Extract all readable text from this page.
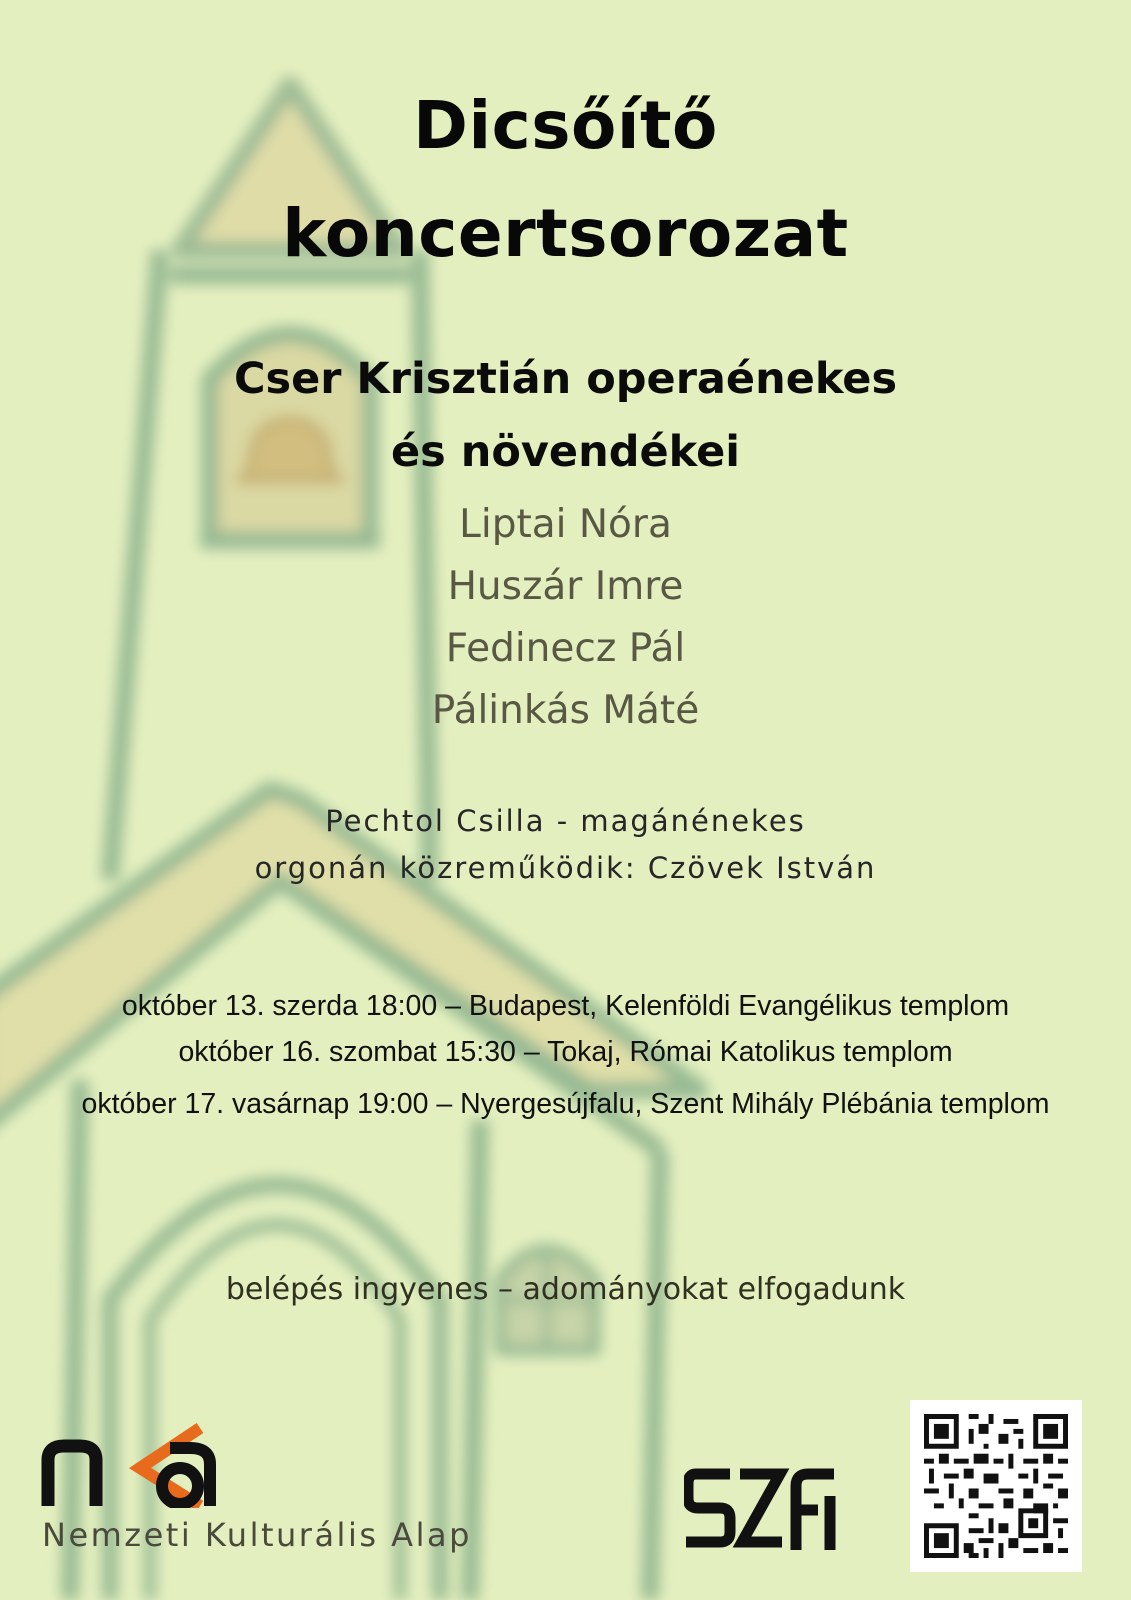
Dicsőítő
koncertsorozat
Cser Krisztián operaénekes
és növendékei
Liptai Nóra
Huszár Imre
Fedinecz Pál
Pálinkás Máté
Pechtol Csilla - magánénekes
orgonán közreműködik: Czövek István
október 13. szerda 18:00 – Budapest, Kelenföldi Evangélikus templom
október 16. szombat 15:30 – Tokaj, Római Katolikus templom
október 17. vasárnap 19:00 – Nyergesújfalu, Szent Mihály Plébánia templom
belépés ingyenes – adományokat elfogadunk
Nemzeti Kulturális Alap
